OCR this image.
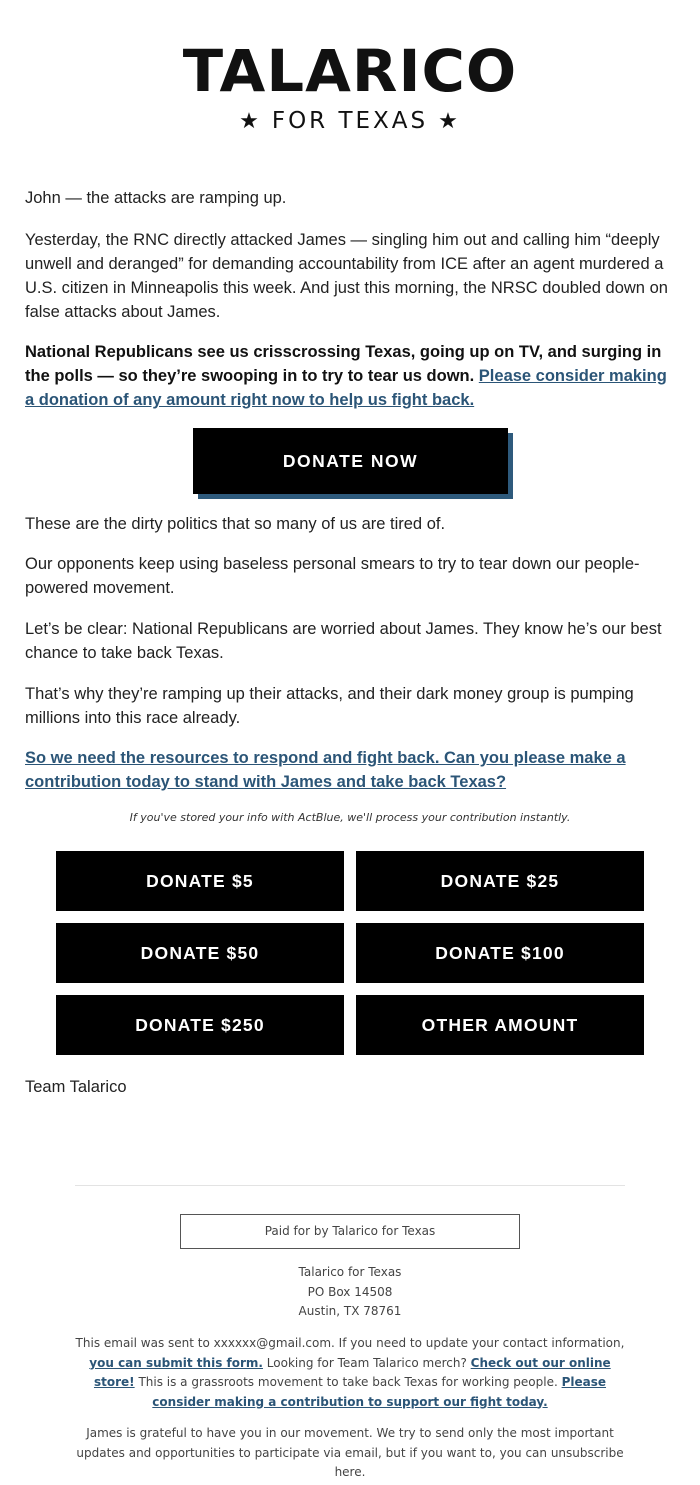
TALARICO
★ FOR TEXAS ★

John — the attacks are ramping up.

Yesterday, the RNC directly attacked James — singling him out and calling him “deeply unwell and deranged” for demanding accountability from ICE after an agent murdered a U.S. citizen in Minneapolis this week. And just this morning, the NRSC doubled down on false attacks about James.

National Republicans see us crisscrossing Texas, going up on TV, and surging in the polls — so they’re swooping in to try to tear us down. Please consider making a donation of any amount right now to help us fight back.

DONATE NOW

These are the dirty politics that so many of us are tired of.

Our opponents keep using baseless personal smears to try to tear down our people-powered movement.

Let’s be clear: National Republicans are worried about James. They know he’s our best chance to take back Texas.

That’s why they’re ramping up their attacks, and their dark money group is pumping millions into this race already.

So we need the resources to respond and fight back. Can you please make a contribution today to stand with James and take back Texas?

If you've stored your info with ActBlue, we'll process your contribution instantly.
DONATE $5	DONATE $25
DONATE $50	DONATE $100
DONATE $250	OTHER AMOUNT
Team Talarico
Paid for by Talarico for Texas
Talarico for Texas
PO Box 14508
Austin, TX 78761
This email was sent to xxxxxx@gmail.com. If you need to update your contact information, you can submit this form. Looking for Team Talarico merch? Check out our online store! This is a grassroots movement to take back Texas for working people. Please consider making a contribution to support our fight today.
James is grateful to have you in our movement. We try to send only the most important updates and opportunities to participate via email, but if you want to, you can unsubscribe here.
